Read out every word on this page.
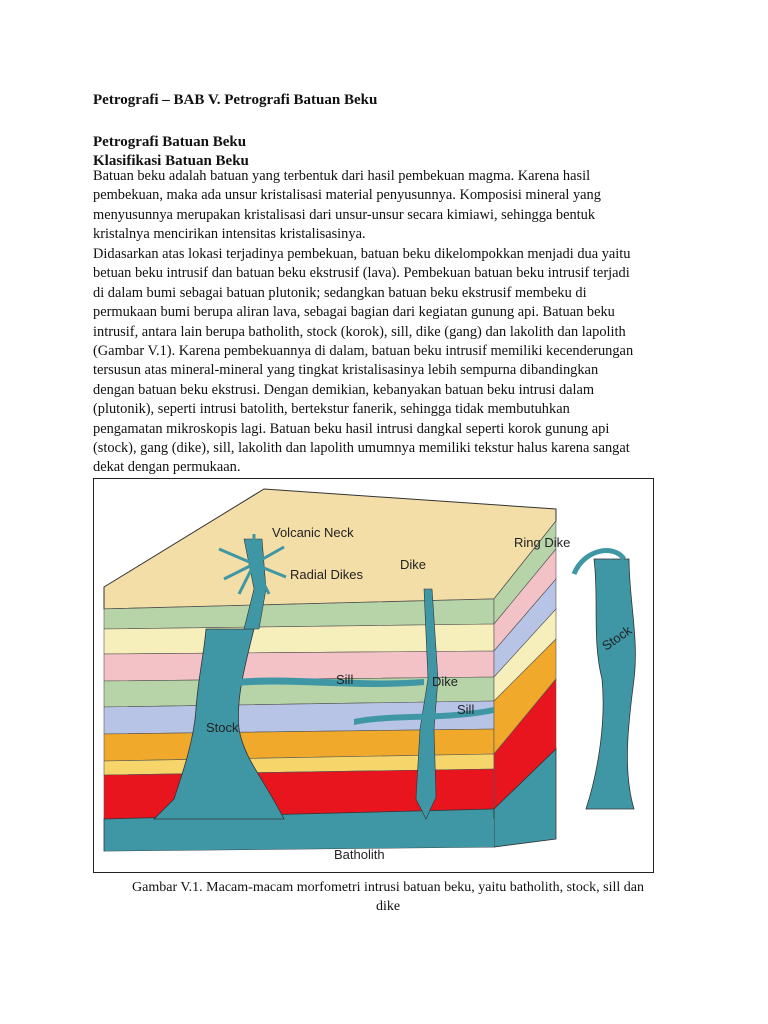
Petrografi – BAB V. Petrografi Batuan Beku
Petrografi Batuan Beku
Klasifikasi Batuan Beku
Batuan beku adalah batuan yang terbentuk dari hasil pembekuan magma. Karena hasil
pembekuan, maka ada unsur kristalisasi material penyusunnya. Komposisi mineral yang
menyusunnya merupakan kristalisasi dari unsur-unsur secara kimiawi, sehingga bentuk
kristalnya mencirikan intensitas kristalisasinya.
Didasarkan atas lokasi terjadinya pembekuan, batuan beku dikelompokkan menjadi dua yaitu
betuan beku intrusif dan batuan beku ekstrusif (lava). Pembekuan batuan beku intrusif terjadi
di dalam bumi sebagai batuan plutonik; sedangkan batuan beku ekstrusif membeku di
permukaan bumi berupa aliran lava, sebagai bagian dari kegiatan gunung api. Batuan beku
intrusif, antara lain berupa batholith, stock (korok), sill, dike (gang) dan lakolith dan lapolith
(Gambar V.1). Karena pembekuannya di dalam, batuan beku intrusif memiliki kecenderungan
tersusun atas mineral-mineral yang tingkat kristalisasinya lebih sempurna dibandingkan
dengan batuan beku ekstrusi. Dengan demikian, kebanyakan batuan beku intrusi dalam
(plutonik), seperti intrusi batolith, bertekstur fanerik, sehingga tidak membutuhkan
pengamatan mikroskopis lagi. Batuan beku hasil intrusi dangkal seperti korok gunung api
(stock), gang (dike), sill, lakolith dan lapolith umumnya memiliki tekstur halus karena sangat
dekat dengan permukaan.
Volcanic Neck
Radial Dikes
Dike
Ring Dike
Sill	Dike
Sill
Stock
Stock
Batholith
Gambar V.1. Macam-macam morfometri intrusi batuan beku, yaitu batholith, stock, sill dan
dike
